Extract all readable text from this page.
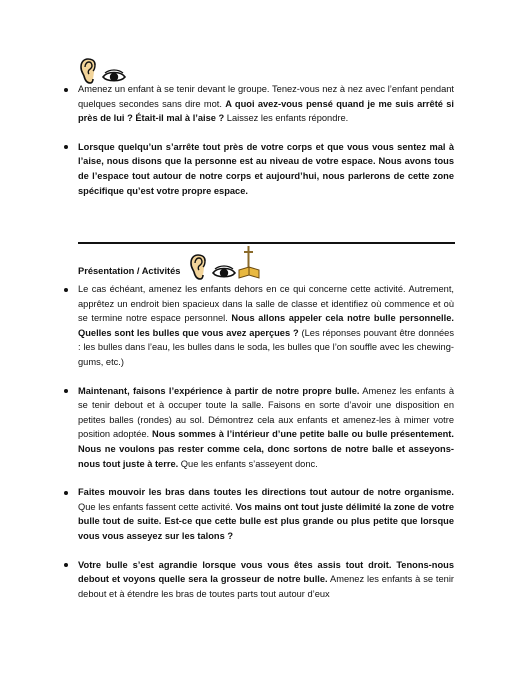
Amenez un enfant à se tenir devant le groupe. Tenez-vous nez à nez avec l’enfant pendant quelques secondes sans dire mot. A quoi avez-vous pensé quand je me suis arrêté si près de lui ? Était-il mal à l’aise ? Laissez les enfants répondre.
Lorsque quelqu’un s’arrête tout près de votre corps et que vous vous sentez mal à l’aise, nous disons que la personne est au niveau de votre espace. Nous avons tous de l’espace tout autour de notre corps et aujourd’hui, nous parlerons de cette zone spécifique qu’est votre propre espace.
Présentation / Activités
Le cas échéant, amenez les enfants dehors en ce qui concerne cette activité. Autrement, apprêtez un endroit bien spacieux dans la salle de classe et identifiez où commence et où se termine notre espace personnel. Nous allons appeler cela notre bulle personnelle. Quelles sont les bulles que vous avez aperçues ? (Les réponses pouvant être données : les bulles dans l’eau, les bulles dans le soda, les bulles que l’on souffle avec les chewing-gums, etc.)
Maintenant, faisons l’expérience à partir de notre propre bulle. Amenez les enfants à se tenir debout et à occuper toute la salle. Faisons en sorte d’avoir une disposition en petites balles (rondes) au sol. Démontrez cela aux enfants et amenez-les à mimer votre position adoptée. Nous sommes à l’intérieur d’une petite balle ou bulle présentement. Nous ne voulons pas rester comme cela, donc sortons de notre balle et asseyons-nous tout juste à terre. Que les enfants s’asseyent donc.
Faites mouvoir les bras dans toutes les directions tout autour de notre organisme. Que les enfants fassent cette activité. Vos mains ont tout juste délimité la zone de votre bulle tout de suite. Est-ce que cette bulle est plus grande ou plus petite que lorsque vous vous asseyez sur les talons ?
Votre bulle s’est agrandie lorsque vous vous êtes assis tout droit. Tenons-nous debout et voyons quelle sera la grosseur de notre bulle. Amenez les enfants à se tenir debout et à étendre les bras de toutes parts tout autour d’eux
